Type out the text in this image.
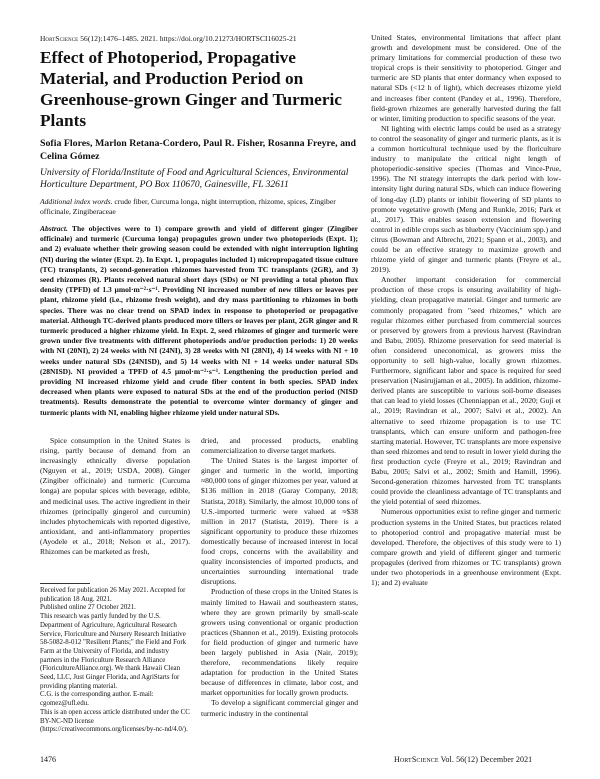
HortScience 56(12):1476–1485. 2021. https://doi.org/10.21273/HORTSCI16025-21
Effect of Photoperiod, Propagative Material, and Production Period on Greenhouse-grown Ginger and Turmeric Plants
Sofia Flores, Marlon Retana-Cordero, Paul R. Fisher, Rosanna Freyre, and Celina Gómez
University of Florida/Institute of Food and Agricultural Sciences, Environmental Horticulture Department, PO Box 110670, Gainesville, FL 32611
Additional index words. crude fiber, Curcuma longa, night interruption, rhizome, spices, Zingiber officinale, Zingiberaceae
Abstract. The objectives were to 1) compare growth and yield of different ginger (Zingiber officinale) and turmeric (Curcuma longa) propagules grown under two photoperiods (Expt. 1); and 2) evaluate whether their growing season could be extended with night interruption lighting (NI) during the winter (Expt. 2). In Expt. 1, propagules included 1) micropropagated tissue culture (TC) transplants, 2) second-generation rhizomes harvested from TC transplants (2GR), and 3) seed rhizomes (R). Plants received natural short days (SDs) or NI providing a total photon flux density (TPFD) of 1.3 µmol·m⁻²·s⁻¹. Providing NI increased number of new tillers or leaves per plant, rhizome yield (i.e., rhizome fresh weight), and dry mass partitioning to rhizomes in both species. There was no clear trend on SPAD index in response to photoperiod or propagative material. Although TC-derived plants produced more tillers or leaves per plant, 2GR ginger and R turmeric produced a higher rhizome yield. In Expt. 2, seed rhizomes of ginger and turmeric were grown under five treatments with different photoperiods and/or production periods: 1) 20 weeks with NI (20NI), 2) 24 weeks with NI (24NI), 3) 28 weeks with NI (28NI), 4) 14 weeks with NI + 10 weeks under natural SDs (24NISD), and 5) 14 weeks with NI + 14 weeks under natural SDs (28NISD). NI provided a TPFD of 4.5 µmol·m⁻²·s⁻¹. Lengthening the production period and providing NI increased rhizome yield and crude fiber content in both species. SPAD index decreased when plants were exposed to natural SDs at the end of the production period (NISD treatments). Results demonstrate the potential to overcome winter dormancy of ginger and turmeric plants with NI, enabling higher rhizome yield under natural SDs.

Spice consumption in the United States is rising, partly because of demand from an increasingly ethnically diverse population (Nguyen et al., 2019; USDA, 2008). Ginger (Zingiber officinale) and turmeric (Curcuma longa) are popular spices with beverage, edible, and medicinal uses. The active ingredient in their rhizomes (principally gingerol and curcumin) includes phytochemicals with reported digestive, antioxidant, and anti-inflammatory properties (Ayodele et al., 2018; Nelson et al., 2017). Rhizomes can be marketed as fresh,

Received for publication 26 May 2021. Accepted for publication 18 Aug. 2021.

Published online 27 October 2021.

This research was partly funded by the U.S. Department of Agriculture, Agricultural Research Service, Floriculture and Nursery Research Initiative 58-5082-8-012 "Resilient Plants;" the Field and Fork Farm at the University of Florida, and industry partners in the Floriculture Research Alliance (FloricultureAlliance.org). We thank Hawaii Clean Seed, LLC, Just Ginger Florida, and AgriStarts for providing planting material.

C.G. is the corresponding author. E-mail: cgomez@ufl.edu.

This is an open access article distributed under the CC BY-NC-ND license (https://creativecommons.org/licenses/by-nc-nd/4.0/).

dried, and processed products, enabling commercialization to diverse target markets.

The United States is the largest importer of ginger and turmeric in the world, importing ≈80,000 tons of ginger rhizomes per year, valued at $136 million in 2018 (Garay Company, 2018; Statista, 2018). Similarly, the almost 10,000 tons of U.S.-imported turmeric were valued at ≈$38 million in 2017 (Statista, 2019). There is a significant opportunity to produce these rhizomes domestically because of increased interest in local food crops, concerns with the availability and quality inconsistencies of imported products, and uncertainties surrounding international trade disruptions.

Production of these crops in the United States is mainly limited to Hawaii and southeastern states, where they are grown primarily by small-scale growers using conventional or organic production practices (Shannon et al., 2019). Existing protocols for field production of ginger and turmeric have been largely published in Asia (Nair, 2019); therefore, recommendations likely require adaptation for production in the United States because of differences in climate, labor cost, and market opportunities for locally grown products.

To develop a significant commercial ginger and turmeric industry in the continental

United States, environmental limitations that affect plant growth and development must be considered. One of the primary limitations for commercial production of these two tropical crops is their sensitivity to photoperiod. Ginger and turmeric are SD plants that enter dormancy when exposed to natural SDs (<12 h of light), which decreases rhizome yield and increases fiber content (Pandey et al., 1996). Therefore, field-grown rhizomes are generally harvested during the fall or winter, limiting production to specific seasons of the year.

NI lighting with electric lamps could be used as a strategy to control the seasonality of ginger and turmeric plants, as it is a common horticultural technique used by the floriculture industry to manipulate the critical night length of photoperiodic-sensitive species (Thomas and Vince-Prue, 1996). The NI strategy interrupts the dark period with low-intensity light during natural SDs, which can induce flowering of long-day (LD) plants or inhibit flowering of SD plants to promote vegetative growth (Meng and Runkle, 2016; Park et al., 2017). This enables season extension and flowering control in edible crops such as blueberry (Vaccinium spp.) and citrus (Bowman and Albrecht, 2021; Spann et al., 2003), and could be an effective strategy to maximize growth and rhizome yield of ginger and turmeric plants (Freyre et al., 2019).

Another important consideration for commercial production of these crops is ensuring availability of high-yielding, clean propagative material. Ginger and turmeric are commonly propagated from "seed rhizomes," which are regular rhizomes either purchased from commercial sources or preserved by growers from a previous harvest (Ravindran and Babu, 2005). Rhizome preservation for seed material is often considered uneconomical, as growers miss the opportunity to sell high-value, locally grown rhizomes. Furthermore, significant labor and space is required for seed preservation (Nasirujjaman et al., 2005). In addition, rhizome-derived plants are susceptible to various soil-borne diseases that can lead to yield losses (Chenniappan et al., 2020; Guji et al., 2019; Ravindran et al., 2007; Salvi et al., 2002). An alternative to seed rhizome propagation is to use TC transplants, which can ensure uniform and pathogen-free starting material. However, TC transplants are more expensive than seed rhizomes and tend to result in lower yield during the first production cycle (Freyre et al., 2019; Ravindran and Babu, 2005; Salvi et al., 2002; Smith and Hamill, 1996). Second-generation rhizomes harvested from TC transplants could provide the cleanliness advantage of TC transplants and the yield potential of seed rhizomes.

Numerous opportunities exist to refine ginger and turmeric production systems in the United States, but practices related to photoperiod control and propagative material must be developed. Therefore, the objectives of this study were to 1) compare growth and yield of different ginger and turmeric propagules (derived from rhizomes or TC transplants) grown under two photoperiods in a greenhouse environment (Expt. 1); and 2) evaluate

1476	HortScience Vol. 56(12) December 2021
